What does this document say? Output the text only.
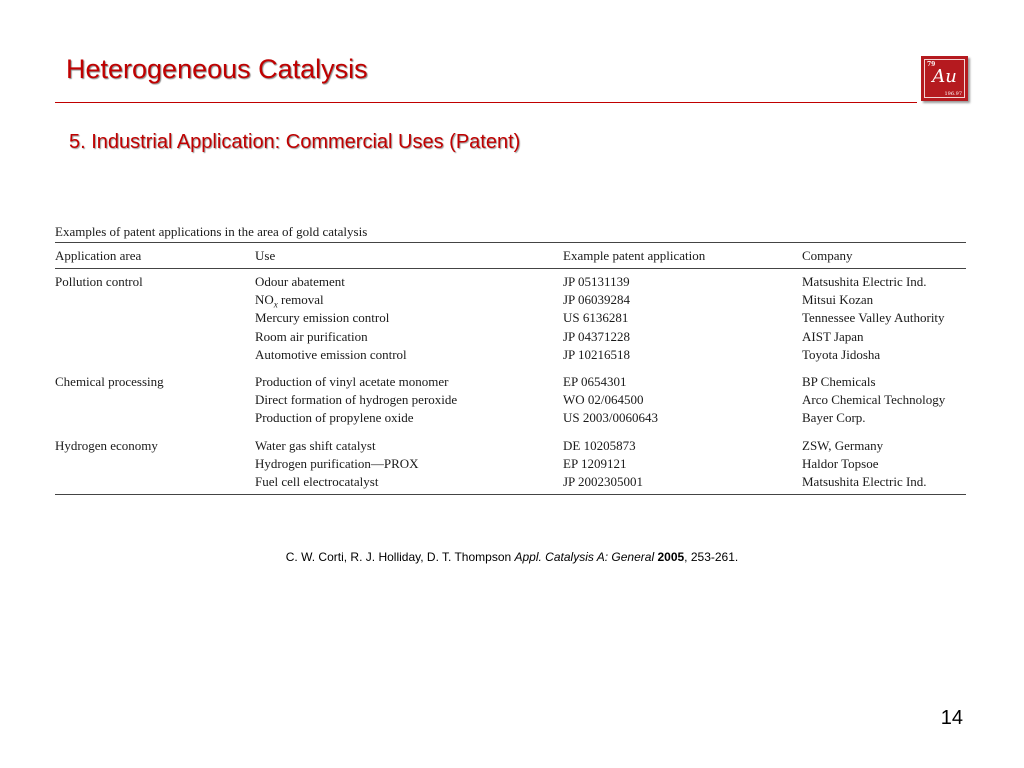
Heterogeneous Catalysis	79
Au
196.97
5. Industrial Application: Commercial Uses (Patent)
Examples of patent applications in the area of gold catalysis
Application area	Use	Example patent application	Company
Pollution control	Odour abatement	JP 05131139	Matsushita Electric Ind.
	$NO_x$ removal	JP 06039284	Mitsui Kozan
	Mercury emission control	US 6136281	Tennessee Valley Authority
	Room air purification	JP 04371228	AIST Japan
	Automotive emission control	JP 10216518	Toyota Jidosha
Chemical processing	Production of vinyl acetate monomer	EP 0654301	BP Chemicals
	Direct formation of hydrogen peroxide	WO 02/064500	Arco Chemical Technology
	Production of propylene oxide	US 2003/0060643	Bayer Corp.
Hydrogen economy	Water gas shift catalyst	DE 10205873	ZSW, Germany
	Hydrogen purification—PROX	EP 1209121	Haldor Topsoe
	Fuel cell electrocatalyst	JP 2002305001	Matsushita Electric Ind.
C. W. Corti, R. J. Holliday, D. T. Thompson Appl. Catalysis A: General 2005, 253-261.
14
